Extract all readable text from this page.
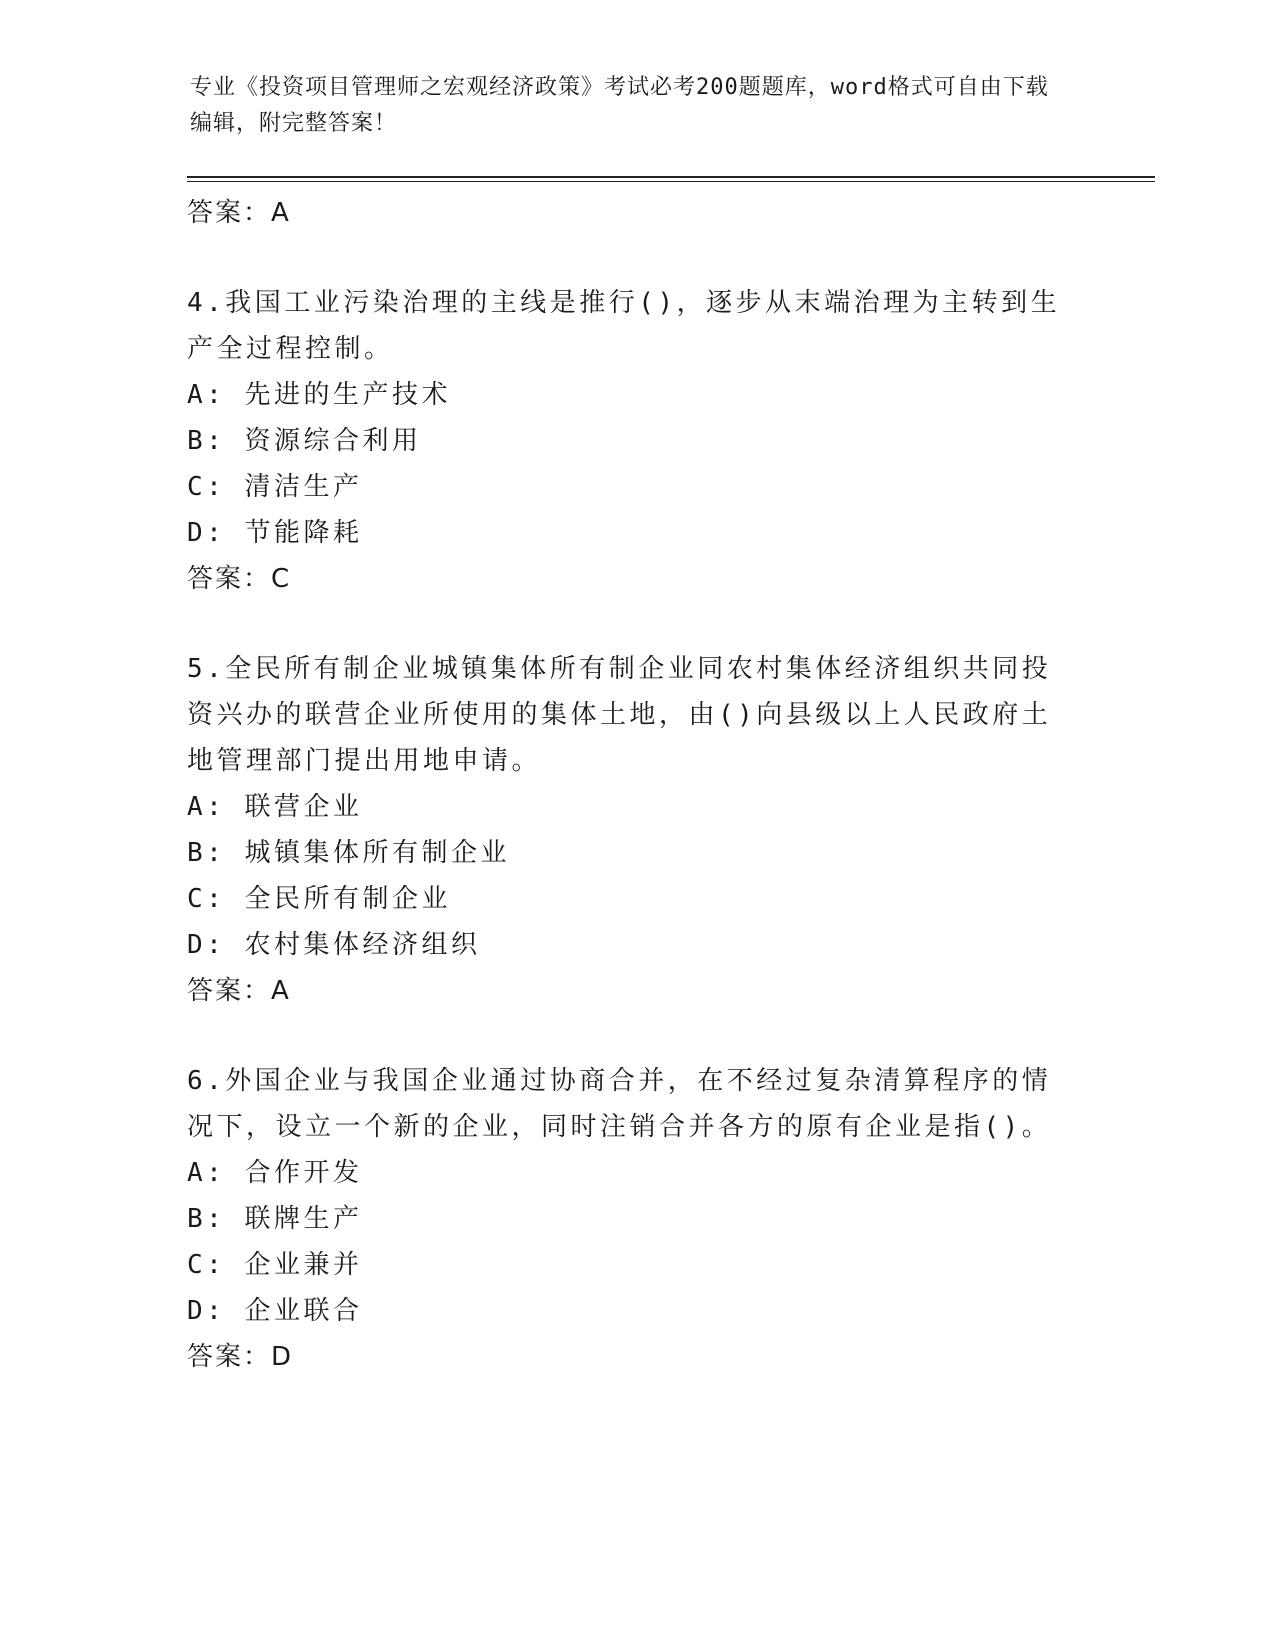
专业《投资项目管理师之宏观经济政策》考试必考200题题库，word格式可自由下载编辑，附完整答案！
答案：A
4.我国工业污染治理的主线是推行()，逐步从末端治理为主转到生产全过程控制。
A: 先进的生产技术
B: 资源综合利用
C: 清洁生产
D: 节能降耗
答案：C
5.全民所有制企业城镇集体所有制企业同农村集体经济组织共同投资兴办的联营企业所使用的集体土地，由()向县级以上人民政府土地管理部门提出用地申请。
A: 联营企业
B: 城镇集体所有制企业
C: 全民所有制企业
D: 农村集体经济组织
答案：A
6.外国企业与我国企业通过协商合并，在不经过复杂清算程序的情况下，设立一个新的企业，同时注销合并各方的原有企业是指()。
A: 合作开发
B: 联牌生产
C: 企业兼并
D: 企业联合
答案：D
